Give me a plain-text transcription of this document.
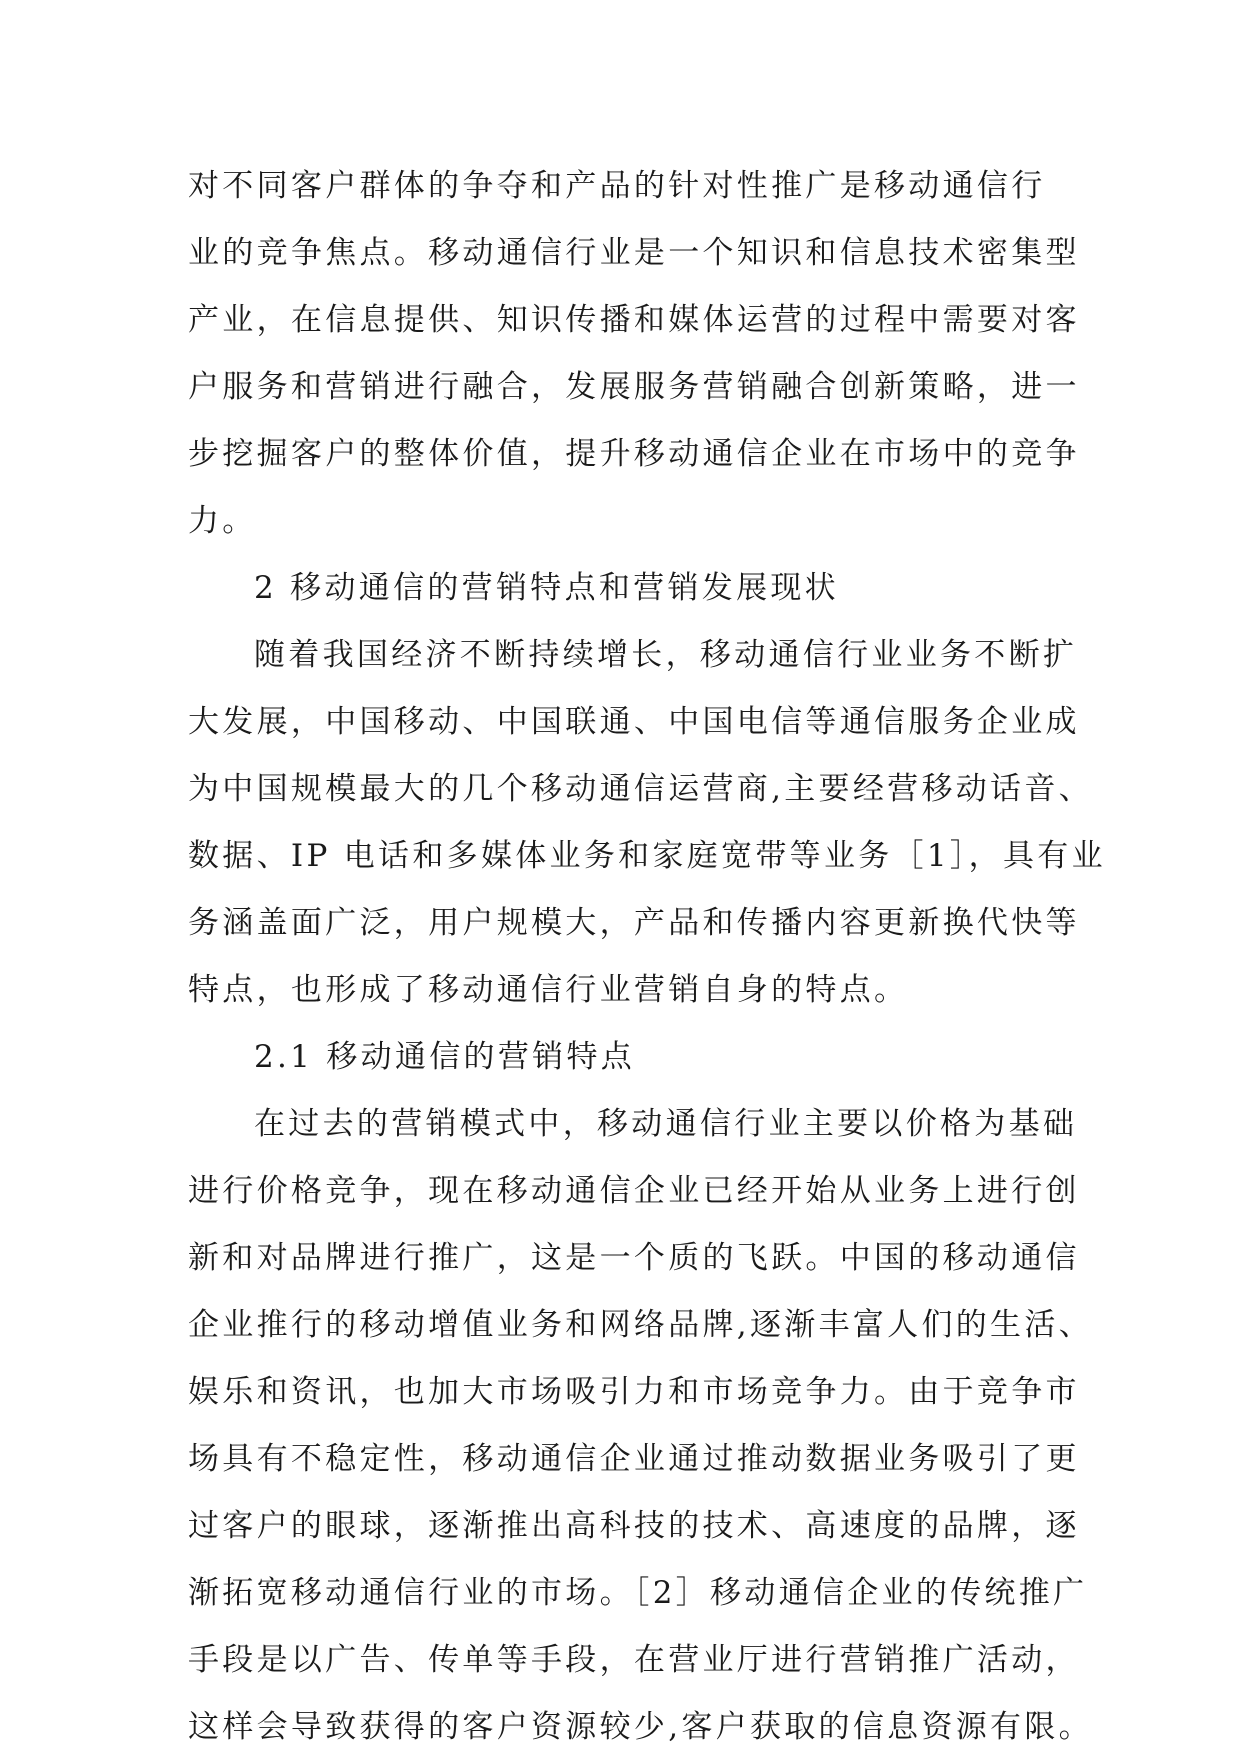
对不同客户群体的争夺和产品的针对性推广是移动通信行

业的竞争焦点。移动通信行业是一个知识和信息技术密集型

产业，在信息提供、知识传播和媒体运营的过程中需要对客

户服务和营销进行融合，发展服务营销融合创新策略，进一

步挖掘客户的整体价值，提升移动通信企业在市场中的竞争

力。

2 移动通信的营销特点和营销发展现状

随着我国经济不断持续增长，移动通信行业业务不断扩

大发展，中国移动、中国联通、中国电信等通信服务企业成

为中国规模最大的几个移动通信运营商,主要经营移动话音、

数据、IP 电话和多媒体业务和家庭宽带等业务［1］，具有业

务涵盖面广泛，用户规模大，产品和传播内容更新换代快等

特点，也形成了移动通信行业营销自身的特点。

2.1 移动通信的营销特点

在过去的营销模式中，移动通信行业主要以价格为基础

进行价格竞争，现在移动通信企业已经开始从业务上进行创

新和对品牌进行推广，这是一个质的飞跃。中国的移动通信

企业推行的移动增值业务和网络品牌,逐渐丰富人们的生活、

娱乐和资讯，也加大市场吸引力和市场竞争力。由于竞争市

场具有不稳定性，移动通信企业通过推动数据业务吸引了更

过客户的眼球，逐渐推出高科技的技术、高速度的品牌，逐

渐拓宽移动通信行业的市场。［2］移动通信企业的传统推广

手段是以广告、传单等手段，在营业厅进行营销推广活动，

这样会导致获得的客户资源较少,客户获取的信息资源有限。
